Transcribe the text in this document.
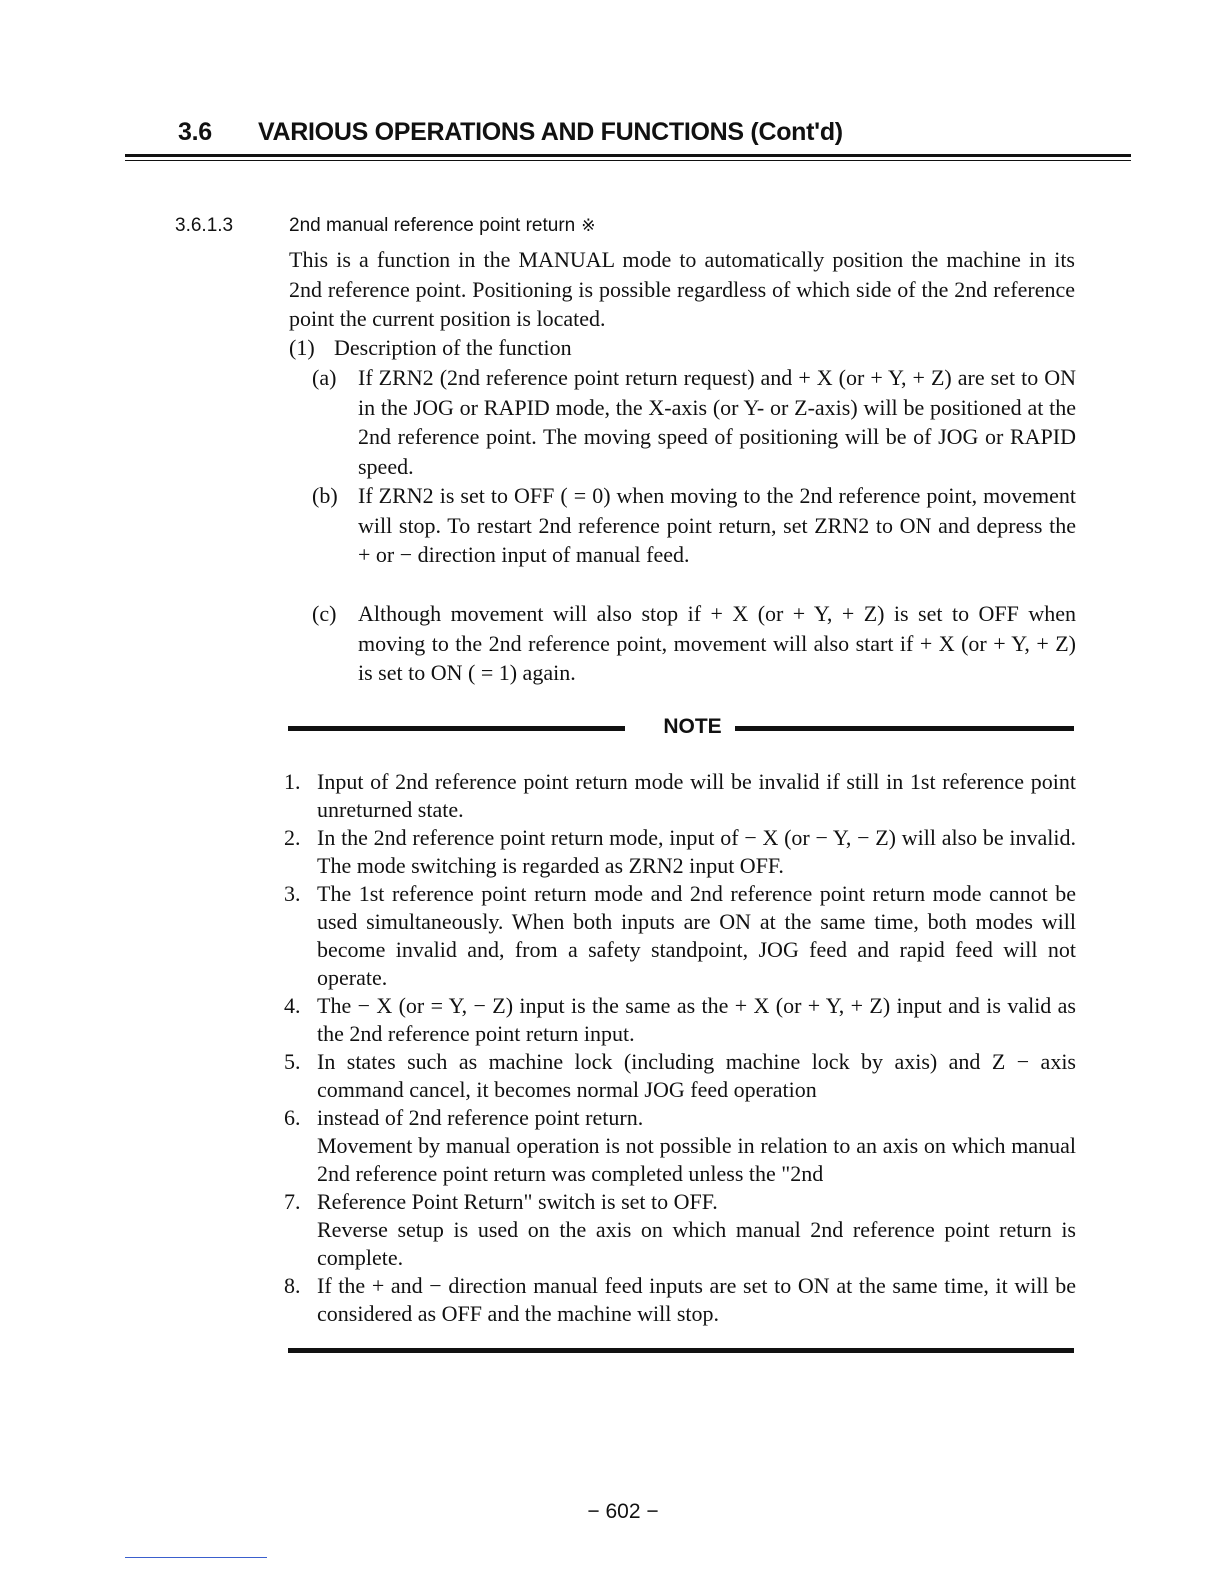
3.6 VARIOUS OPERATIONS AND FUNCTIONS (Cont'd)
3.6.1.3	2nd manual reference point return ※
This is a function in the MANUAL mode to automatically position the machine in its 2nd reference point. Positioning is possible regardless of which side of the 2nd reference point the current position is located.
(1) Description of the function
(a) If ZRN2 (2nd reference point return request) and + X (or + Y, + Z) are set to ON in the JOG or RAPID mode, the X-axis (or Y- or Z-axis) will be positioned at the 2nd reference point. The moving speed of positioning will be of JOG or RAPID speed.
(b) If ZRN2 is set to OFF ( = 0) when moving to the 2nd reference point, movement will stop. To restart 2nd reference point return, set ZRN2 to ON and depress the + or − direction input of manual feed.
(c) Although movement will also stop if + X (or + Y, + Z) is set to OFF when moving to the 2nd reference point, movement will also start if + X (or + Y, + Z) is set to ON ( = 1) again.
NOTE
1. Input of 2nd reference point return mode will be invalid if still in 1st reference point unreturned state.
2. In the 2nd reference point return mode, input of − X (or − Y, − Z) will also be invalid. The mode switching is regarded as ZRN2 input OFF.
3. The 1st reference point return mode and 2nd reference point return mode cannot be used simultaneously. When both inputs are ON at the same time, both modes will become invalid and, from a safety standpoint, JOG feed and rapid feed will not operate.
4. The − X (or = Y, − Z) input is the same as the + X (or + Y, + Z) input and is valid as the 2nd reference point return input.
5. In states such as machine lock (including machine lock by axis) and Z − axis command cancel, it becomes normal JOG feed operation
6. instead of 2nd reference point return.
Movement by manual operation is not possible in relation to an axis on which manual 2nd reference point return was completed unless the "2nd
7. Reference Point Return" switch is set to OFF.
Reverse setup is used on the axis on which manual 2nd reference point return is complete.
8. If the + and − direction manual feed inputs are set to ON at the same time, it will be considered as OFF and the machine will stop.
− 602 −
